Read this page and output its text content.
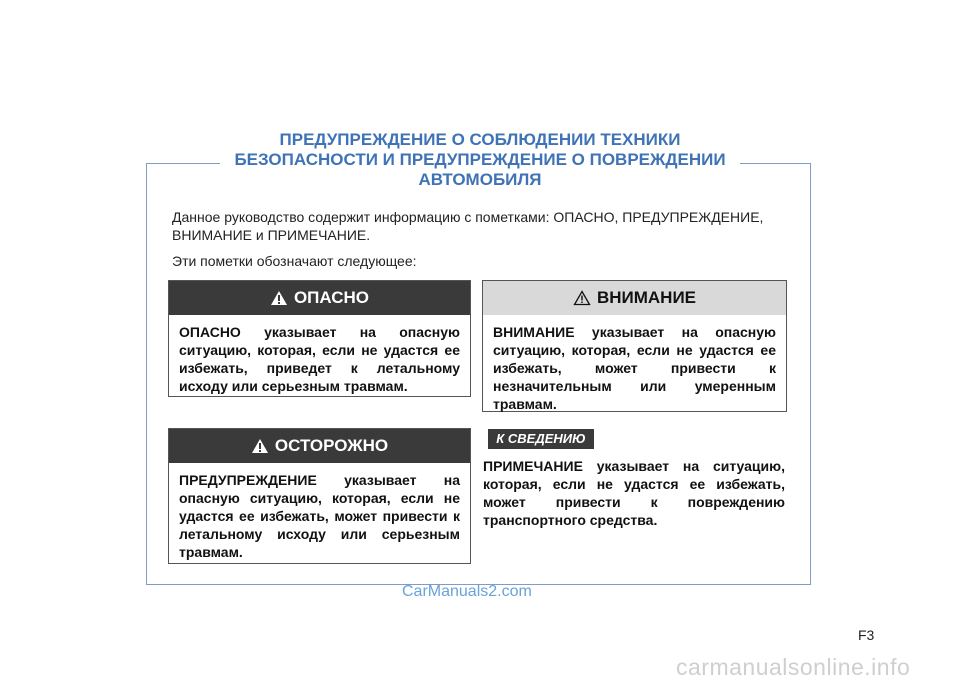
ПРЕДУПРЕЖДЕНИЕ О СОБЛЮДЕНИИ ТЕХНИКИ
БЕЗОПАСНОСТИ И ПРЕДУПРЕЖДЕНИЕ О ПОВРЕЖДЕНИИ
АВТОМОБИЛЯ

Данное руководство содержит информацию с пометками: ОПАСНО, ПРЕДУПРЕЖДЕНИЕ, ВНИМАНИЕ и ПРИМЕЧАНИЕ.

Эти пометки обозначают следующее:

ОПАСНО
ОПАСНО указывает на опасную ситуацию, которая, если не удастся ее избежать, приведет к летальному исходу или серьезным травмам.
ВНИМАНИЕ
ВНИМАНИЕ указывает на опасную ситуацию, которая, если не удастся ее избежать, может привести к незначительным или умеренным травмам.
ОСТОРОЖНО
ПРЕДУПРЕЖДЕНИЕ указывает на опасную ситуацию, которая, если не удастся ее избежать, может привести к летальному исходу или серьезным травмам.
К СВЕДЕНИЮ
ПРИМЕЧАНИЕ указывает на ситуацию, которая, если не удастся ее избежать, может привести к повреждению транспортного средства.
CarManuals2.com
F3
carmanualsonline.info
